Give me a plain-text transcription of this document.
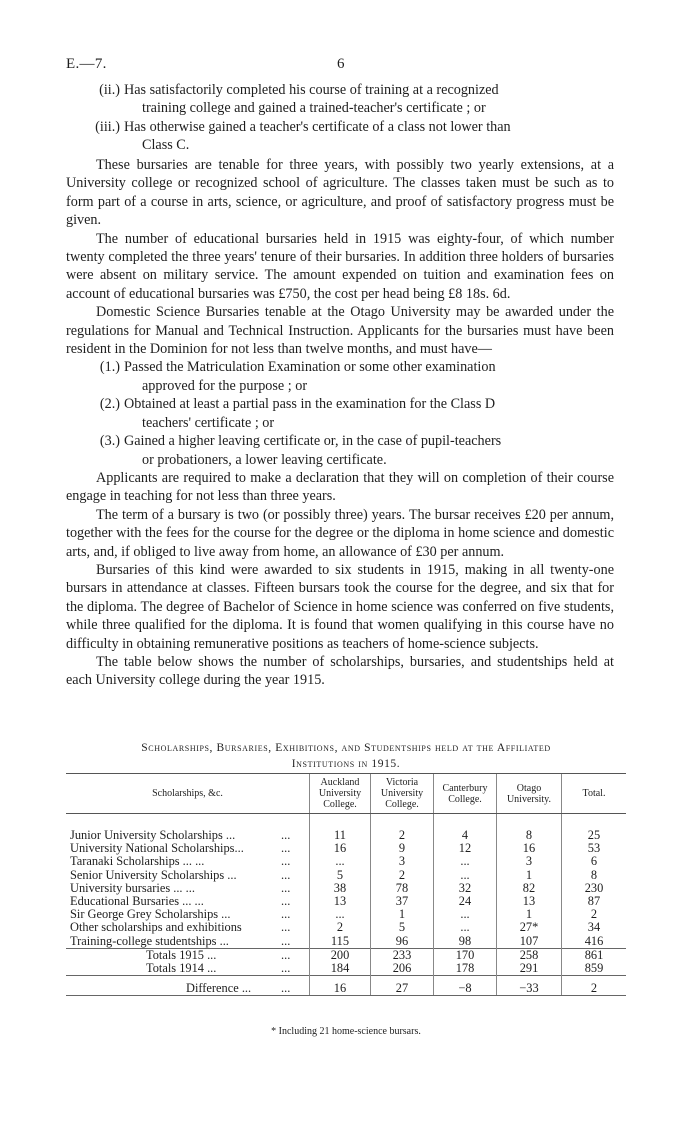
E.—7.	6
(ii.) Has satisfactorily completed his course of training at a recognized
training college and gained a trained-teacher's certificate ; or
(iii.) Has otherwise gained a teacher's certificate of a class not lower than
Class C.

These bursaries are tenable for three years, with possibly two yearly extensions, at a University college or recognized school of agriculture. The classes taken must be such as to form part of a course in arts, science, or agriculture, and proof of satisfactory progress must be given.

The number of educational bursaries held in 1915 was eighty-four, of which number twenty completed the three years' tenure of their bursaries. In addition three holders of bursaries were absent on military service. The amount expended on tuition and examination fees on account of educational bursaries was £750, the cost per head being £8 18s. 6d.

Domestic Science Bursaries tenable at the Otago University may be awarded under the regulations for Manual and Technical Instruction. Applicants for the bursaries must have been resident in the Dominion for not less than twelve months, and must have—

(1.) Passed the Matriculation Examination or some other examination
approved for the purpose ; or
(2.) Obtained at least a partial pass in the examination for the Class D
teachers' certificate ; or
(3.) Gained a higher leaving certificate or, in the case of pupil-teachers
or probationers, a lower leaving certificate.

Applicants are required to make a declaration that they will on completion of their course engage in teaching for not less than three years.

The term of a bursary is two (or possibly three) years. The bursar receives £20 per annum, together with the fees for the course for the degree or the diploma in home science and domestic arts, and, if obliged to live away from home, an allowance of £30 per annum.

Bursaries of this kind were awarded to six students in 1915, making in all twenty-one bursars in attendance at classes. Fifteen bursars took the course for the degree, and six that for the diploma. The degree of Bachelor of Science in home science was conferred on five students, while three qualified for the diploma. It is found that women qualifying in this course have no difficulty in obtaining remunerative positions as teachers of home-science subjects.

The table below shows the number of scholarships, bursaries, and studentships held at each University college during the year 1915.

Scholarships, Bursaries, Exhibitions, and Studentships held at the Affiliated
Institutions in 1915.
Scholarships, &c.		Auckland University College.	Victoria University College.	Canterbury College.	Otago University.	Total.

Junior University Scholarships ...	...	11	2	4	8	25
University National Scholarships...	...	16	9	12	16	53
Taranaki Scholarships ... ...	...	...	3	...	3	6
Senior University Scholarships ...	...	5	2	...	1	8
University bursaries ... ...	...	38	78	32	82	230
Educational Bursaries ... ...	...	13	37	24	13	87
Sir George Grey Scholarships ...	...	...	1	...	1	2
Other scholarships and exhibitions	...	2	5	...	27*	34
Training-college studentships ...	...	115	96	98	107	416
Totals 1915 ...	...	200	233	170	258	861
Totals 1914 ...	...	184	206	178	291	859

Difference ...	...	16	27	−8	−33	2
* Including 21 home-science bursars.
